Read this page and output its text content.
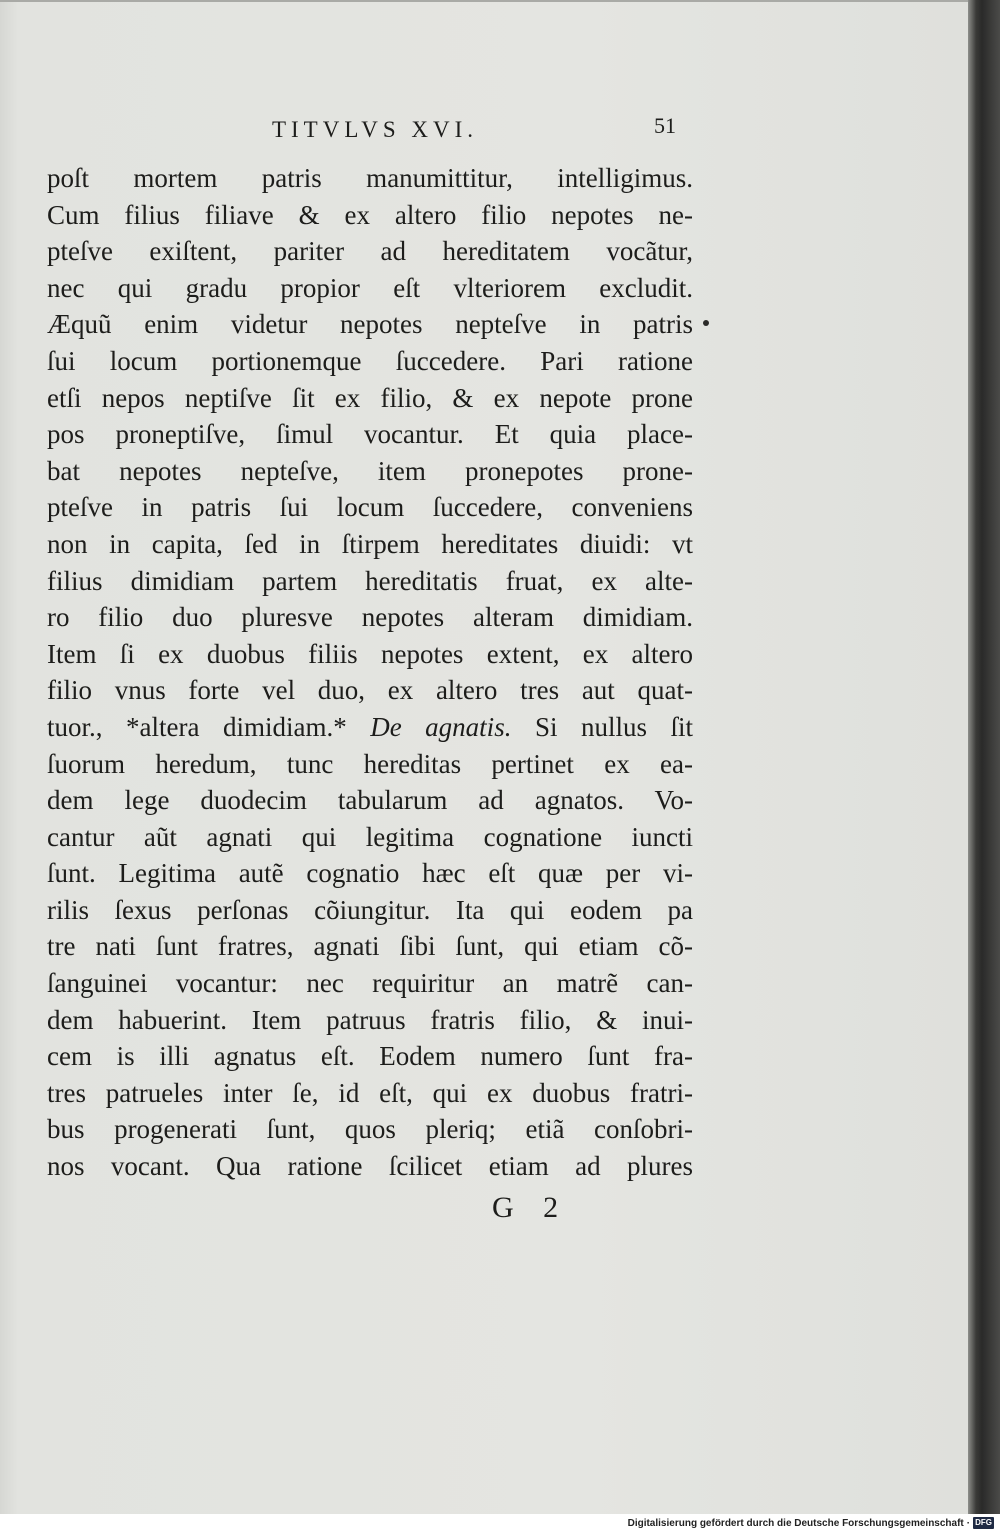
TITVLVS XVI.	51
poſt mortem patris manumittitur, intelligimus.
Cum filius filiave & ex altero filio nepotes ne-
pteſve exiſtent, pariter ad hereditatem vocãtur,
nec qui gradu propior eſt vlteriorem excludit.
Æquũ enim videtur nepotes nepteſve in patris
ſui locum portionemque ſuccedere. Pari ratione
etſi nepos neptiſve ſit ex filio, & ex nepote prone
pos proneptiſve, ſimul vocantur. Et quia place-
bat nepotes nepteſve, item pronepotes prone-
pteſve in patris ſui locum ſuccedere, conveniens
non in capita, ſed in ſtirpem hereditates diuidi: vt
filius dimidiam partem hereditatis fruat, ex alte-
ro filio duo pluresve nepotes alteram dimidiam.
Item ſi ex duobus filiis nepotes extent, ex altero
filio vnus forte vel duo, ex altero tres aut quat-
tuor., *altera dimidiam.* De agnatis. Si nullus ſit
ſuorum heredum, tunc hereditas pertinet ex ea-
dem lege duodecim tabularum ad agnatos. Vo-
cantur aũt agnati qui legitima cognatione iuncti
ſunt. Legitima autẽ cognatio hæc eſt quæ per vi-
rilis ſexus perſonas cõiungitur. Ita qui eodem pa
tre nati ſunt fratres, agnati ſibi ſunt, qui etiam cõ-
ſanguinei vocantur: nec requiritur an matrẽ can-
dem habuerint. Item patruus fratris filio, & inui-
cem is illi agnatus eſt. Eodem numero ſunt fra-
tres patrueles inter ſe, id eſt, qui ex duobus fratri-
bus progenerati ſunt, quos pleriq; etiã conſobri-
nos vocant. Qua ratione ſcilicet etiam ad plures
G 2
Digitalisierung gefördert durch die Deutsche Forschungsgemeinschaft · DFG
